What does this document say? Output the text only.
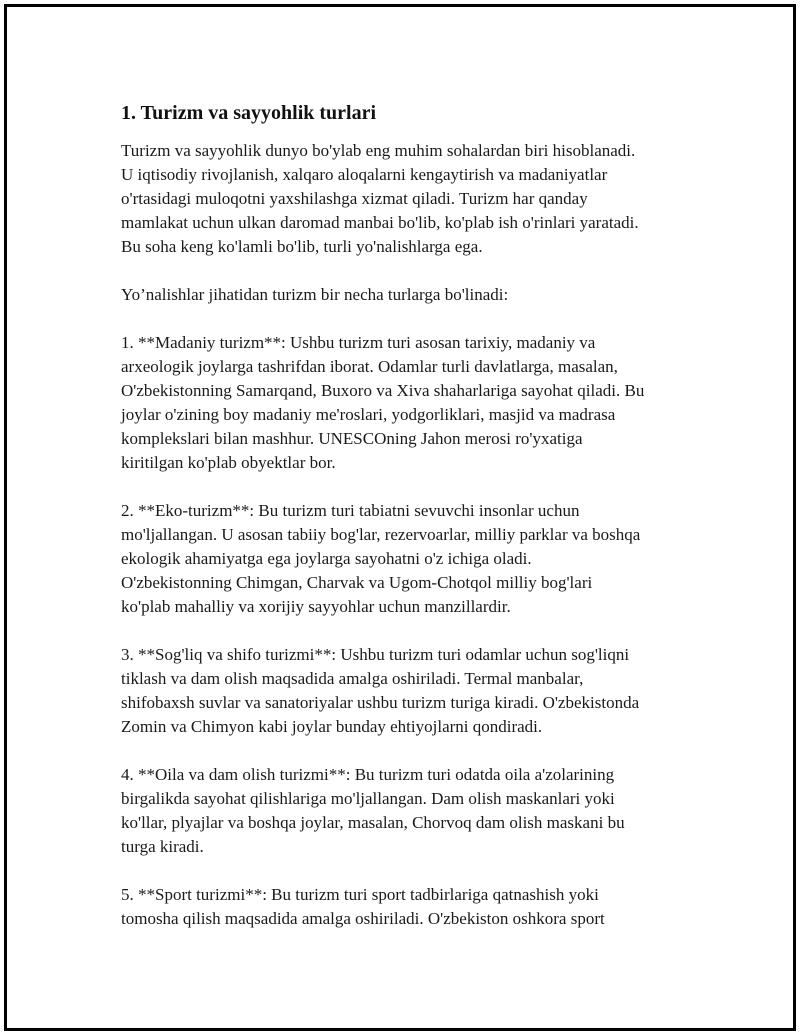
1. Turizm va sayyohlik turlari

Turizm va sayyohlik dunyo bo'ylab eng muhim sohalardan biri hisoblanadi.
U iqtisodiy rivojlanish, xalqaro aloqalarni kengaytirish va madaniyatlar
o'rtasidagi muloqotni yaxshilashga xizmat qiladi. Turizm har qanday
mamlakat uchun ulkan daromad manbai bo'lib, ko'plab ish o'rinlari yaratadi.
Bu soha keng ko'lamli bo'lib, turli yo'nalishlarga ega.

Yo’nalishlar jihatidan turizm bir necha turlarga bo'linadi:

1. **Madaniy turizm**: Ushbu turizm turi asosan tarixiy, madaniy va
arxeologik joylarga tashrifdan iborat. Odamlar turli davlatlarga, masalan,
O'zbekistonning Samarqand, Buxoro va Xiva shaharlariga sayohat qiladi. Bu
joylar o'zining boy madaniy me'roslari, yodgorliklari, masjid va madrasa
komplekslari bilan mashhur. UNESCOning Jahon merosi ro'yxatiga
kiritilgan ko'plab obyektlar bor.

2. **Eko-turizm**: Bu turizm turi tabiatni sevuvchi insonlar uchun
mo'ljallangan. U asosan tabiiy bog'lar, rezervoarlar, milliy parklar va boshqa
ekologik ahamiyatga ega joylarga sayohatni o'z ichiga oladi.
O'zbekistonning Chimgan, Charvak va Ugom-Chotqol milliy bog'lari
ko'plab mahalliy va xorijiy sayyohlar uchun manzillardir.

3. **Sog'liq va shifo turizmi**: Ushbu turizm turi odamlar uchun sog'liqni
tiklash va dam olish maqsadida amalga oshiriladi. Termal manbalar,
shifobaxsh suvlar va sanatoriyalar ushbu turizm turiga kiradi. O'zbekistonda
Zomin va Chimyon kabi joylar bunday ehtiyojlarni qondiradi.

4. **Oila va dam olish turizmi**: Bu turizm turi odatda oila a'zolarining
birgalikda sayohat qilishlariga mo'ljallangan. Dam olish maskanlari yoki
ko'llar, plyajlar va boshqa joylar, masalan, Chorvoq dam olish maskani bu
turga kiradi.

5. **Sport turizmi**: Bu turizm turi sport tadbirlariga qatnashish yoki
tomosha qilish maqsadida amalga oshiriladi. O'zbekiston oshkora sport
